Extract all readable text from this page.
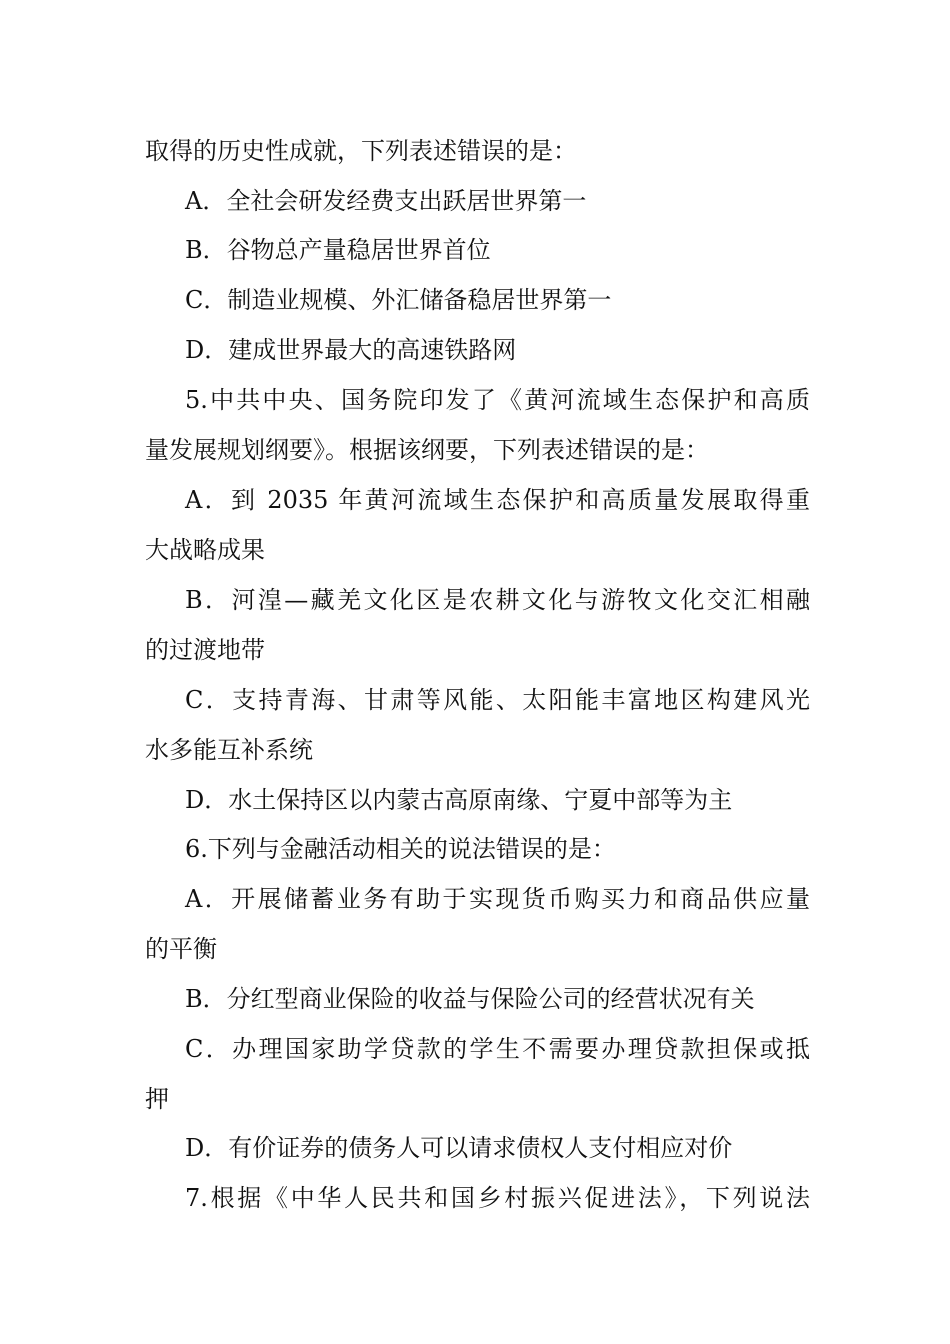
取得的历史性成就，下列表述错误的是：
A．全社会研发经费支出跃居世界第一
B．谷物总产量稳居世界首位
C．制造业规模、外汇储备稳居世界第一
D．建成世界最大的高速铁路网
5.中共中央、国务院印发了《黄河流域生态保护和高质
量发展规划纲要》。根据该纲要，下列表述错误的是：
A．到 2035 年黄河流域生态保护和高质量发展取得重
大战略成果
B．河湟—藏羌文化区是农耕文化与游牧文化交汇相融
的过渡地带
C．支持青海、甘肃等风能、太阳能丰富地区构建风光
水多能互补系统
D．水土保持区以内蒙古高原南缘、宁夏中部等为主
6.下列与金融活动相关的说法错误的是：
A．开展储蓄业务有助于实现货币购买力和商品供应量
的平衡
B．分红型商业保险的收益与保险公司的经营状况有关
C．办理国家助学贷款的学生不需要办理贷款担保或抵
押
D．有价证券的债务人可以请求债权人支付相应对价
7.根据《中华人民共和国乡村振兴促进法》，下列说法
